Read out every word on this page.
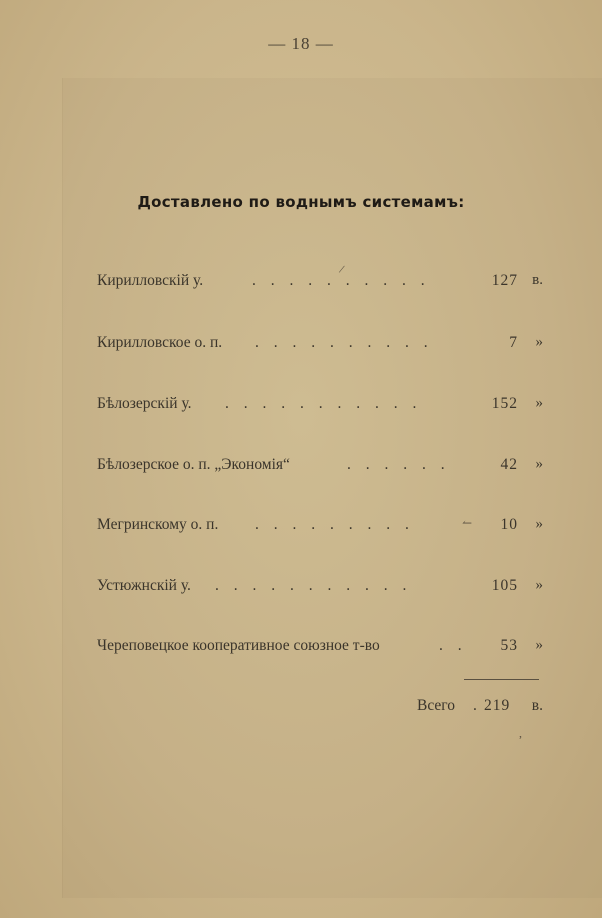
— 18 —
Доставлено по воднымъ системамъ:
Кирилловскій у.	. . . . . . . . . .	127 в.
Кирилловское о. п. . . . . . . . . . .	7	»
Бѣлозерскій у. . . . . . . . . . . .	152	»
Бѣлозерское о. п. „Экономія“	. . . . . .	42	»
Мегринскому о. п. . . . . . . . . .	10	»
Устюжнскій у. . . . . . . . . . . .	105	»
Череповецкое кооперативное союзное т-во	. . 53	»
Всего . 219 в.
/
↼
,
